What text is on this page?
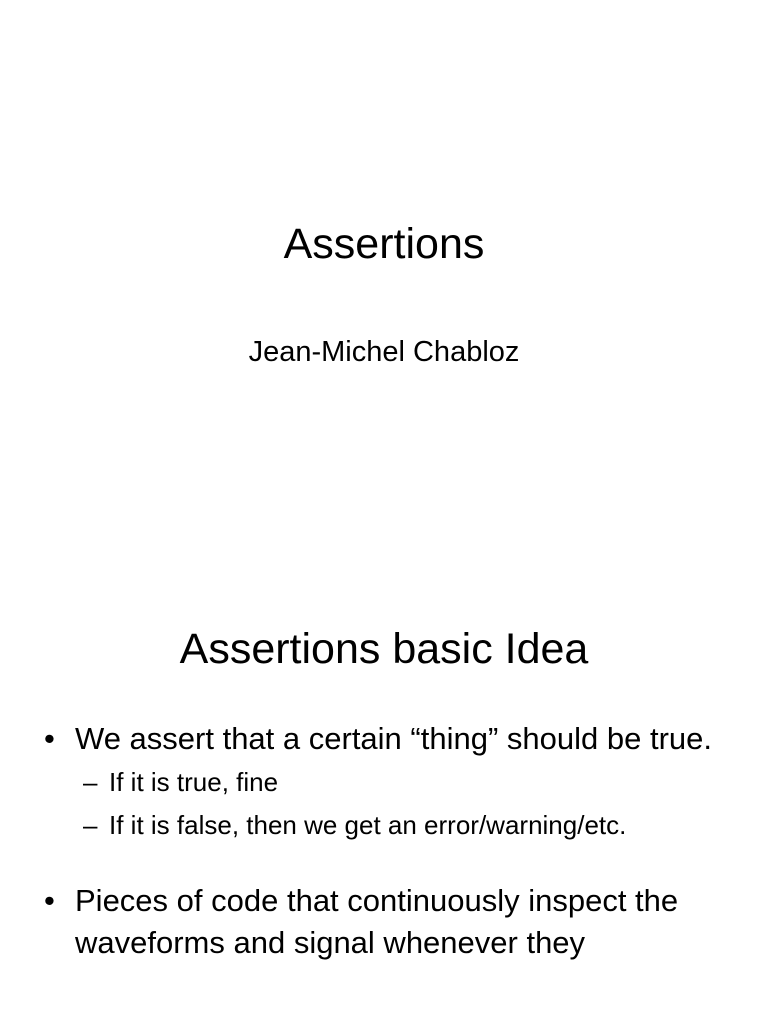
Assertions
Jean-Michel Chabloz
Assertions basic Idea
• We assert that a certain “thing” should be true.
– If it is true, fine
– If it is false, then we get an error/warning/etc.
• Pieces of code that continuously inspect the waveforms and signal whenever they
